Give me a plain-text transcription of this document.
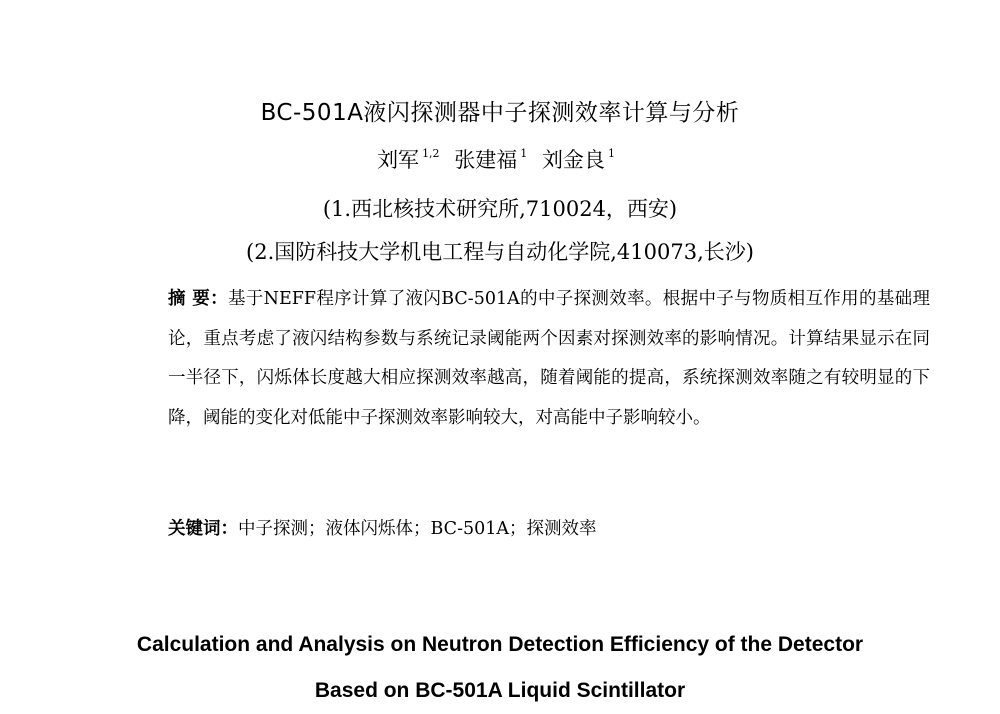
BC-501A液闪探测器中子探测效率计算与分析
刘军 $^{1,2}$ 张建福 $^1$ 刘金良 $^1$
(1.西北核技术研究所,710024，西安)
(2.国防科技大学机电工程与自动化学院,410073,长沙)
摘 要：基于NEFF程序计算了液闪BC-501A的中子探测效率。根据中子与物质相互作用的基础理论，重点考虑了液闪结构参数与系统记录阈能两个因素对探测效率的影响情况。计算结果显示在同一半径下，闪烁体长度越大相应探测效率越高，随着阈能的提高，系统探测效率随之有较明显的下降，阈能的变化对低能中子探测效率影响较大，对高能中子影响较小。
关键词：中子探测；液体闪烁体；BC-501A；探测效率
Calculation and Analysis on Neutron Detection Efficiency of the Detector
Based on BC-501A Liquid Scintillator
